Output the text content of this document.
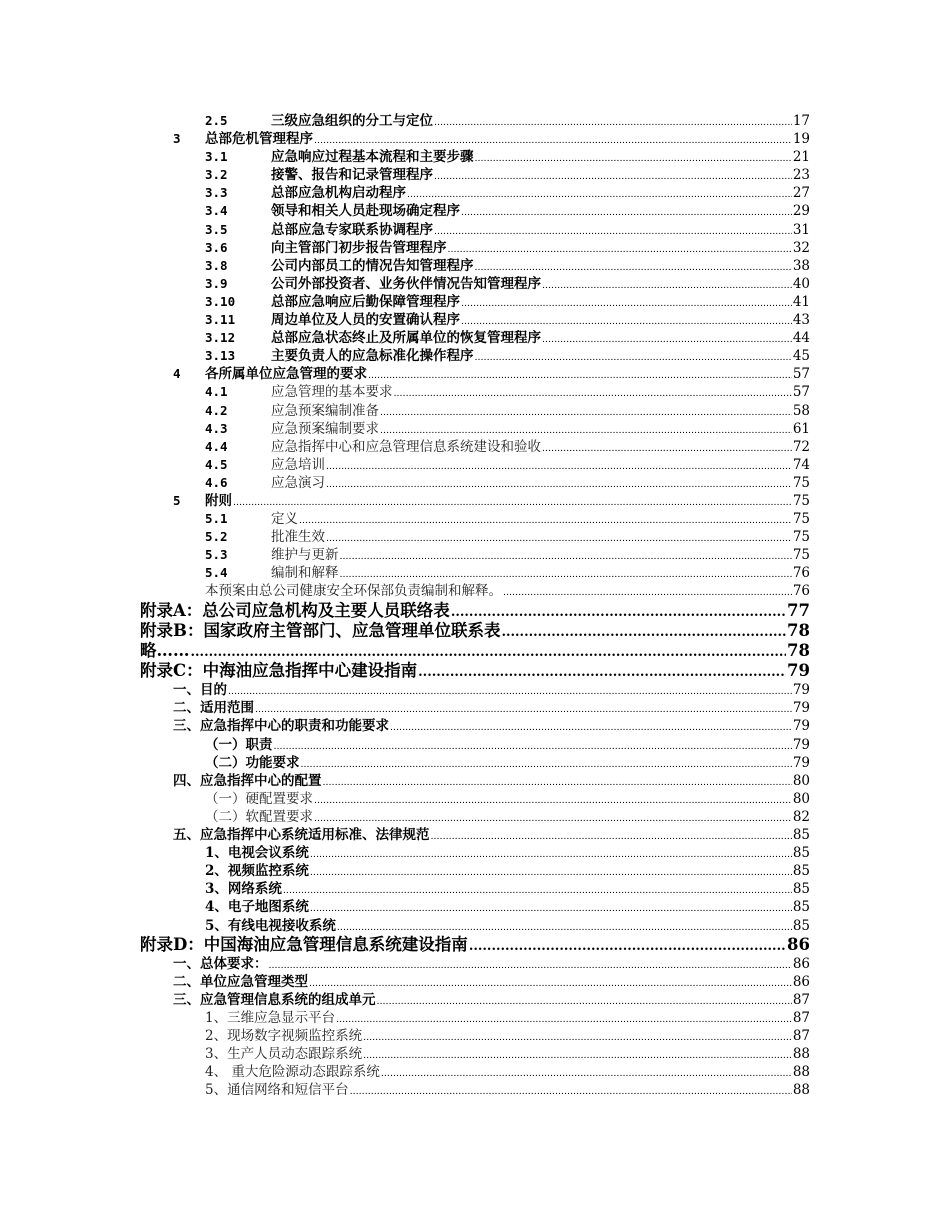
2.5	三级应急组织的分工与定位 .....	17
3	总部危机管理程序 .....	19
3.1	应急响应过程基本流程和主要步骤 .....	21
3.2	接警、报告和记录管理程序 .....	23
3.3	总部应急机构启动程序 .....	27
3.4	领导和相关人员赴现场确定程序 .....	29
3.5	总部应急专家联系协调程序 .....	31
3.6	向主管部门初步报告管理程序 .....	32
3.8	公司内部员工的情况告知管理程序 .....	38
3.9	公司外部投资者、业务伙伴情况告知管理程序 .....	40
3.10	总部应急响应后勤保障管理程序 .....	41
3.11	周边单位及人员的安置确认程序 .....	43
3.12	总部应急状态终止及所属单位的恢复管理程序 .....	44
3.13	主要负责人的应急标准化操作程序 .....	45
4	各所属单位应急管理的要求 .....	57
4.1	应急管理的基本要求 .....	57
4.2	应急预案编制准备 .....	58
4.3	应急预案编制要求 .....	61
4.4	应急指挥中心和应急管理信息系统建设和验收 .....	72
4.5	应急培训 .....	74
4.6	应急演习 .....	75
5	附则 .....	75
5.1	定义 .....	75
5.2	批准生效 .....	75
5.3	维护与更新 .....	75
5.4	编制和解释 .....	76
本预案由总公司健康安全环保部负责编制和解释。 .....	76
附录A：总公司应急机构及主要人员联络表 .....	77
附录B：国家政府主管部门、应急管理单位联系表 .....	78
略…… .....	78
附录C：中海油应急指挥中心建设指南 .....	79
一、目的 .....	79
二、适用范围 .....	79
三、应急指挥中心的职责和功能要求 .....	79
（一）职责 .....	79
（二）功能要求 .....	79
四、应急指挥中心的配置 .....	80
（一）硬配置要求 .....	80
（二）软配置要求 .....	82
五、应急指挥中心系统适用标准、法律规范 .....	85
1、电视会议系统 .....	85
2、视频监控系统 .....	85
3、网络系统 .....	85
4、电子地图系统 .....	85
5、有线电视接收系统 .....	85
附录D：中国海油应急管理信息系统建设指南 .....	86
一、总体要求： .....	86
二、单位应急管理类型 .....	86
三、应急管理信息系统的组成单元 .....	87
1、三维应急显示平台 .....	87
2、现场数字视频监控系统 .....	87
3、生产人员动态跟踪系统 .....	88
4、 重大危险源动态跟踪系统 .....	88
5、通信网络和短信平台 .....	88
